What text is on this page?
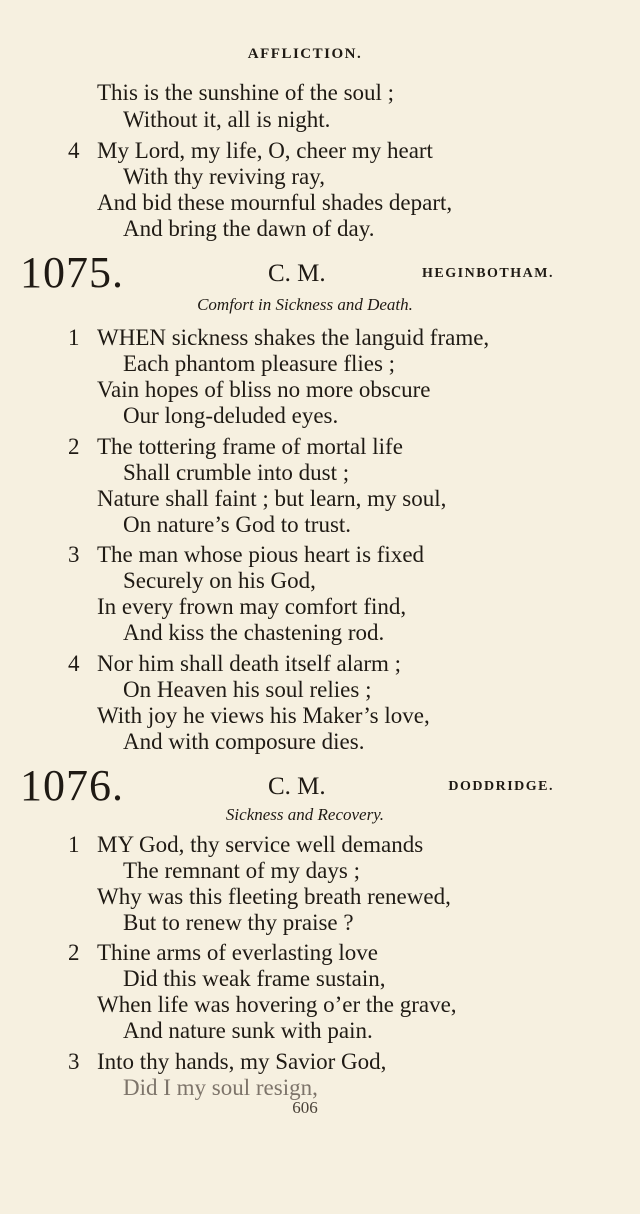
AFFLICTION.
This is the sunshine of the soul ;
Without it, all is night.
4 My Lord, my life, O, cheer my heart
With thy reviving ray,
And bid these mournful shades depart,
And bring the dawn of day.
1075.	C. M.	HEGINBOTHAM.
Comfort in Sickness and Death.
1 WHEN sickness shakes the languid frame,
Each phantom pleasure flies ;
Vain hopes of bliss no more obscure
Our long-deluded eyes.
2 The tottering frame of mortal life
Shall crumble into dust ;
Nature shall faint ; but learn, my soul,
On nature’s God to trust.
3 The man whose pious heart is fixed
Securely on his God,
In every frown may comfort find,
And kiss the chastening rod.
4 Nor him shall death itself alarm ;
On Heaven his soul relies ;
With joy he views his Maker’s love,
And with composure dies.
1076.	C. M.	DODDRIDGE.
Sickness and Recovery.
1 MY God, thy service well demands
The remnant of my days ;
Why was this fleeting breath renewed,
But to renew thy praise ?
2 Thine arms of everlasting love
Did this weak frame sustain,
When life was hovering o’er the grave,
And nature sunk with pain.
3 Into thy hands, my Savior God,
Did I my soul resign,
606
